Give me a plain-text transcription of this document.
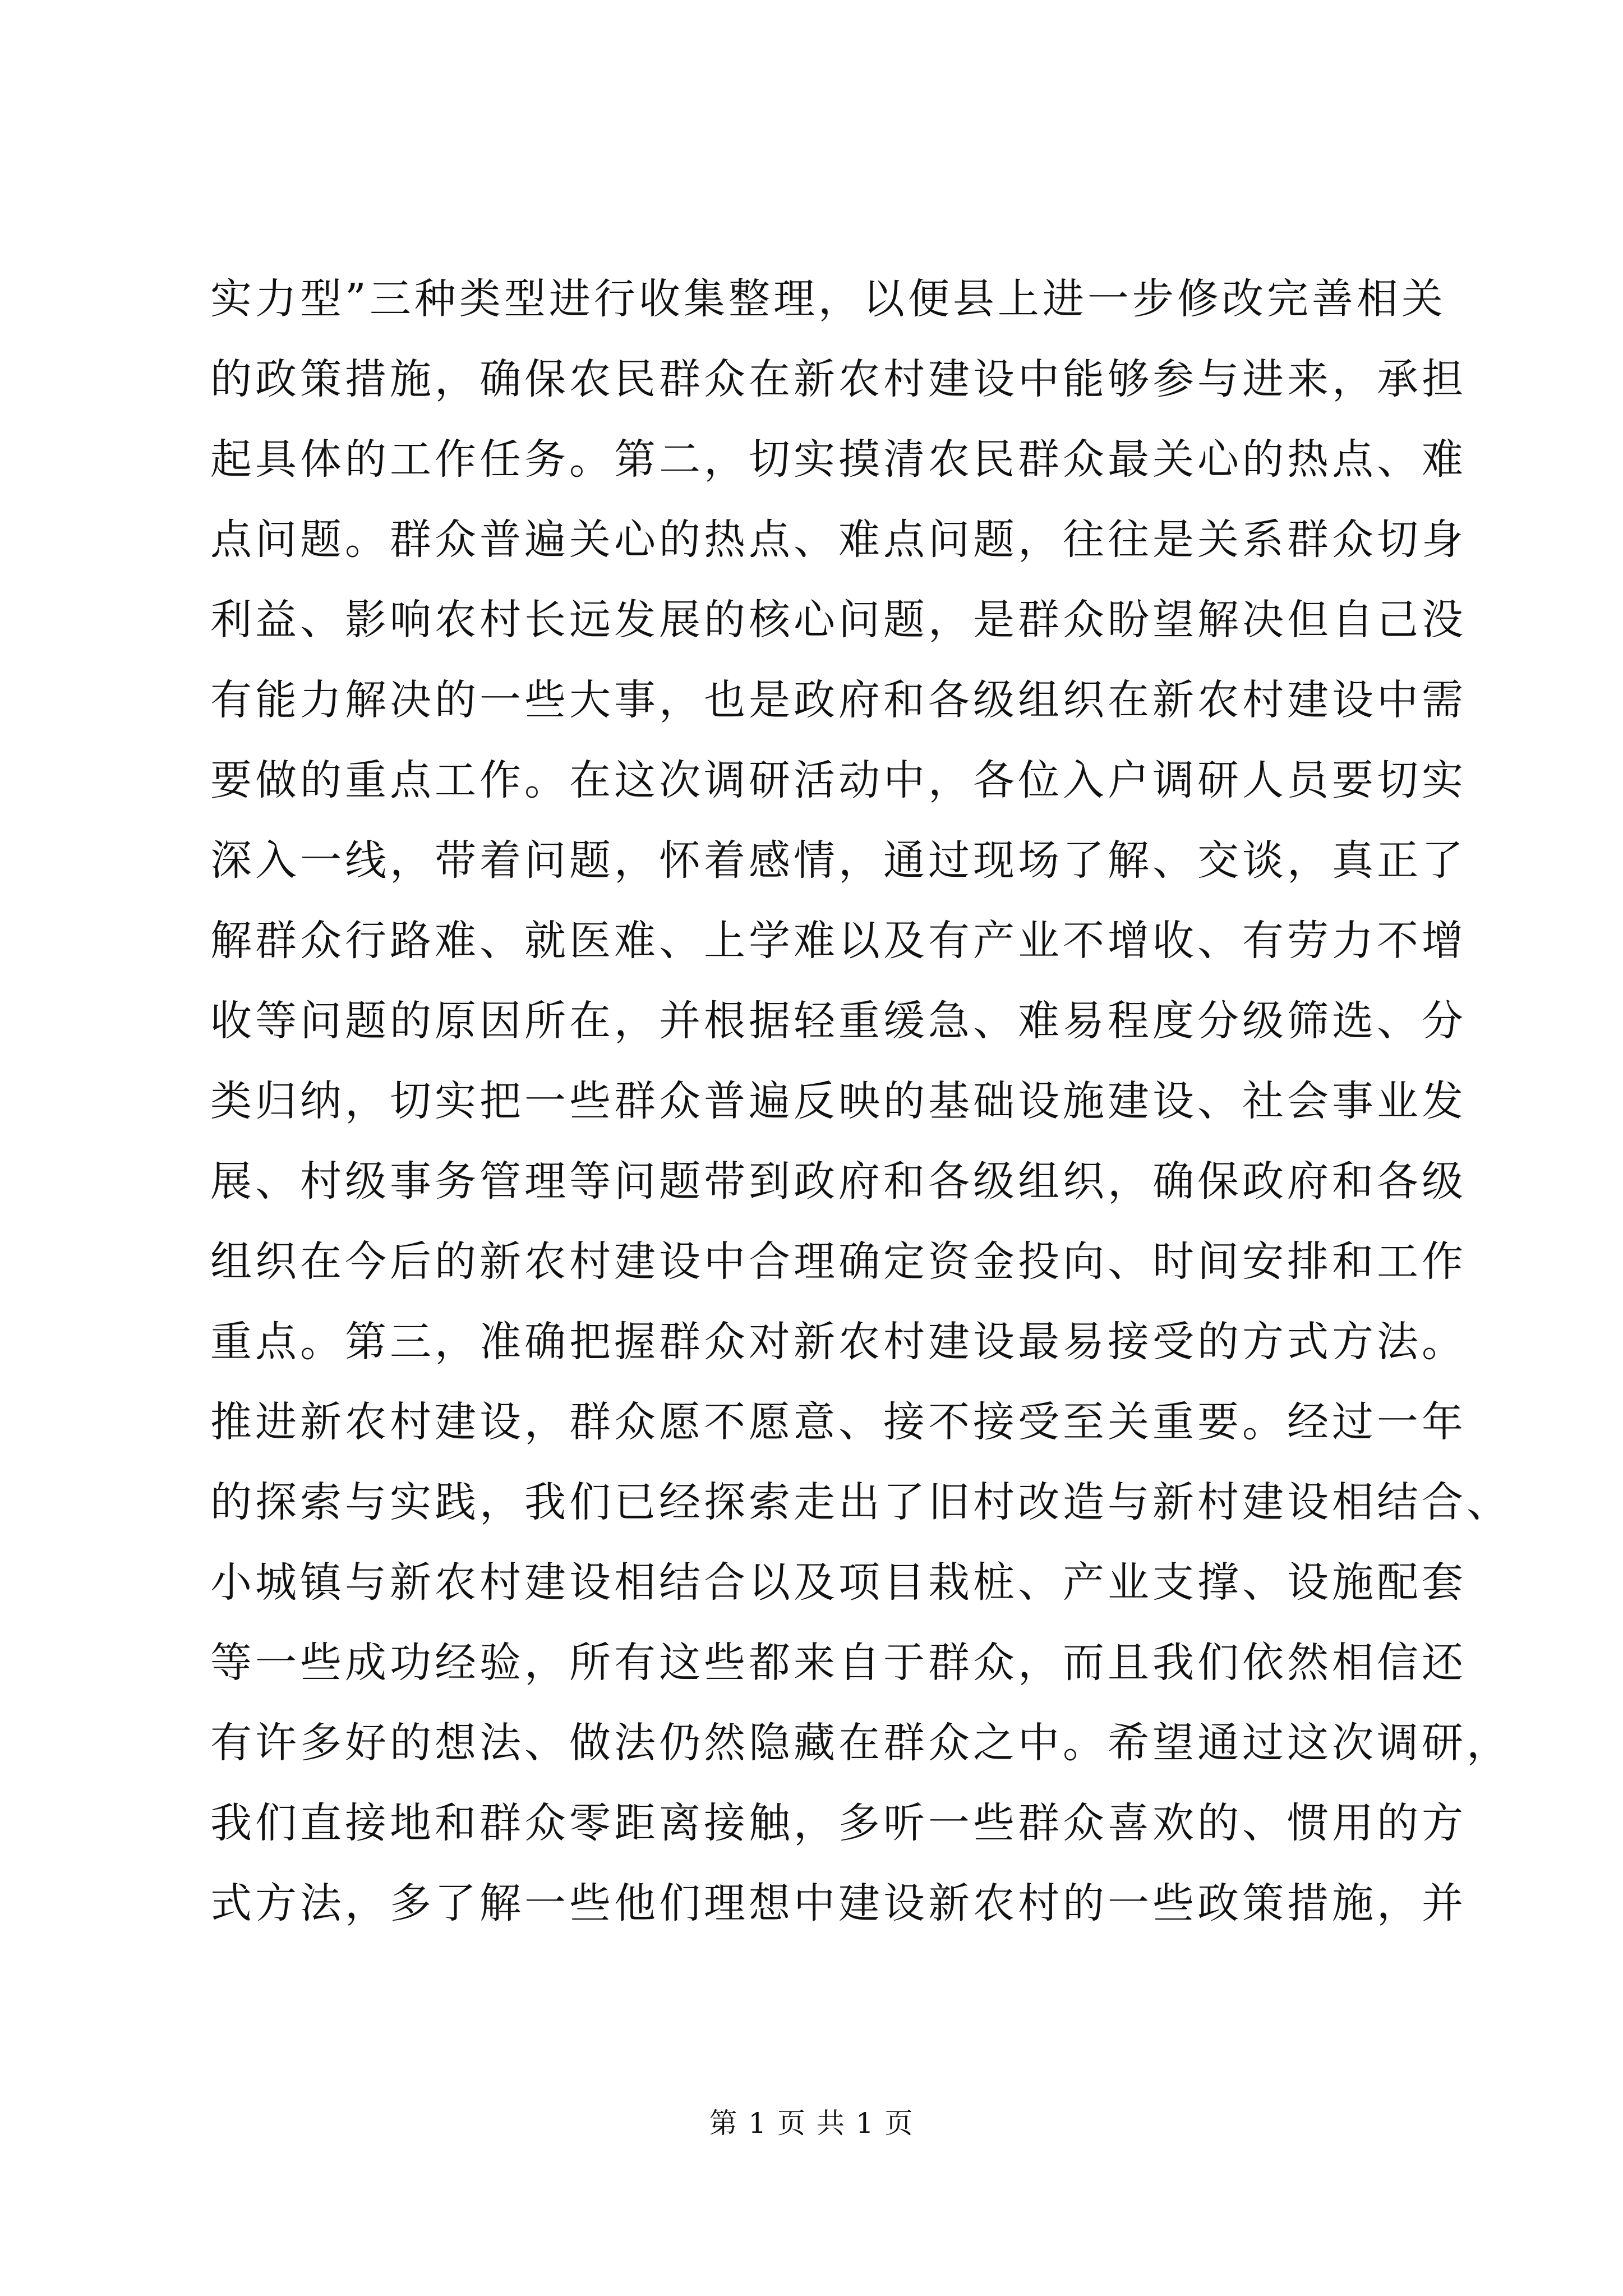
实力型”三种类型进行收集整理，以便县上进一步修改完善相关
的政策措施，确保农民群众在新农村建设中能够参与进来，承担
起具体的工作任务。第二，切实摸清农民群众最关心的热点、难
点问题。群众普遍关心的热点、难点问题，往往是关系群众切身
利益、影响农村长远发展的核心问题，是群众盼望解决但自己没
有能力解决的一些大事，也是政府和各级组织在新农村建设中需
要做的重点工作。在这次调研活动中，各位入户调研人员要切实
深入一线，带着问题，怀着感情，通过现场了解、交谈，真正了
解群众行路难、就医难、上学难以及有产业不增收、有劳力不增
收等问题的原因所在，并根据轻重缓急、难易程度分级筛选、分
类归纳，切实把一些群众普遍反映的基础设施建设、社会事业发
展、村级事务管理等问题带到政府和各级组织，确保政府和各级
组织在今后的新农村建设中合理确定资金投向、时间安排和工作
重点。第三，准确把握群众对新农村建设最易接受的方式方法。
推进新农村建设，群众愿不愿意、接不接受至关重要。经过一年
的探索与实践，我们已经探索走出了旧村改造与新村建设相结合、
小城镇与新农村建设相结合以及项目栽桩、产业支撑、设施配套
等一些成功经验，所有这些都来自于群众，而且我们依然相信还
有许多好的想法、做法仍然隐藏在群众之中。希望通过这次调研，
我们直接地和群众零距离接触，多听一些群众喜欢的、惯用的方
式方法，多了解一些他们理想中建设新农村的一些政策措施，并
第 1 页 共 1 页
